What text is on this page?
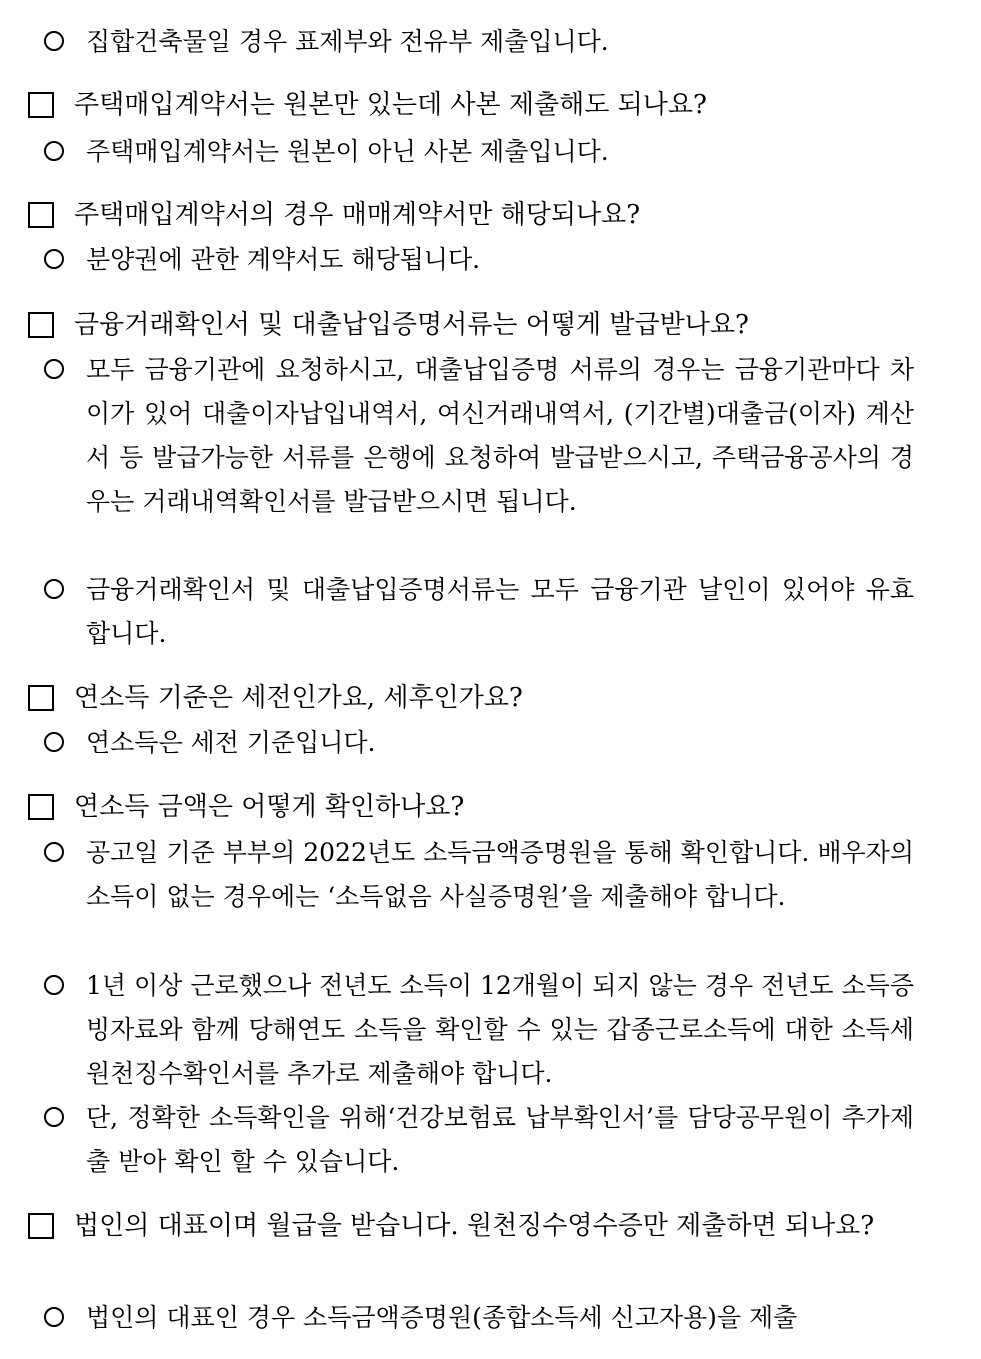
집합건축물일 경우 표제부와 전유부 제출입니다.
주택매입계약서는 원본만 있는데 사본 제출해도 되나요?
주택매입계약서는 원본이 아닌 사본 제출입니다.
주택매입계약서의 경우 매매계약서만 해당되나요?
분양권에 관한 계약서도 해당됩니다.
금융거래확인서 및 대출납입증명서류는 어떻게 발급받나요?
모두 금융기관에 요청하시고, 대출납입증명 서류의 경우는 금융기관마다 차이가 있어 대출이자납입내역서, 여신거래내역서, (기간별)대출금(이자) 계산서 등 발급가능한 서류를 은행에 요청하여 발급받으시고, 주택금융공사의 경우는 거래내역확인서를 발급받으시면 됩니다.
금융거래확인서 및 대출납입증명서류는 모두 금융기관 날인이 있어야 유효합니다.
연소득 기준은 세전인가요, 세후인가요?
연소득은 세전 기준입니다.
연소득 금액은 어떻게 확인하나요?
공고일 기준 부부의 2022년도 소득금액증명원을 통해 확인합니다. 배우자의 소득이 없는 경우에는 ‘소득없음 사실증명원’을 제출해야 합니다.
1년 이상 근로했으나 전년도 소득이 12개월이 되지 않는 경우 전년도 소득증빙자료와 함께 당해연도 소득을 확인할 수 있는 갑종근로소득에 대한 소득세원천징수확인서를 추가로 제출해야 합니다.
단, 정확한 소득확인을 위해‘건강보험료 납부확인서’를 담당공무원이 추가제출 받아 확인 할 수 있습니다.
법인의 대표이며 월급을 받습니다. 원천징수영수증만 제출하면 되나요?
법인의 대표인 경우 소득금액증명원(종합소득세 신고자용)을 제출
